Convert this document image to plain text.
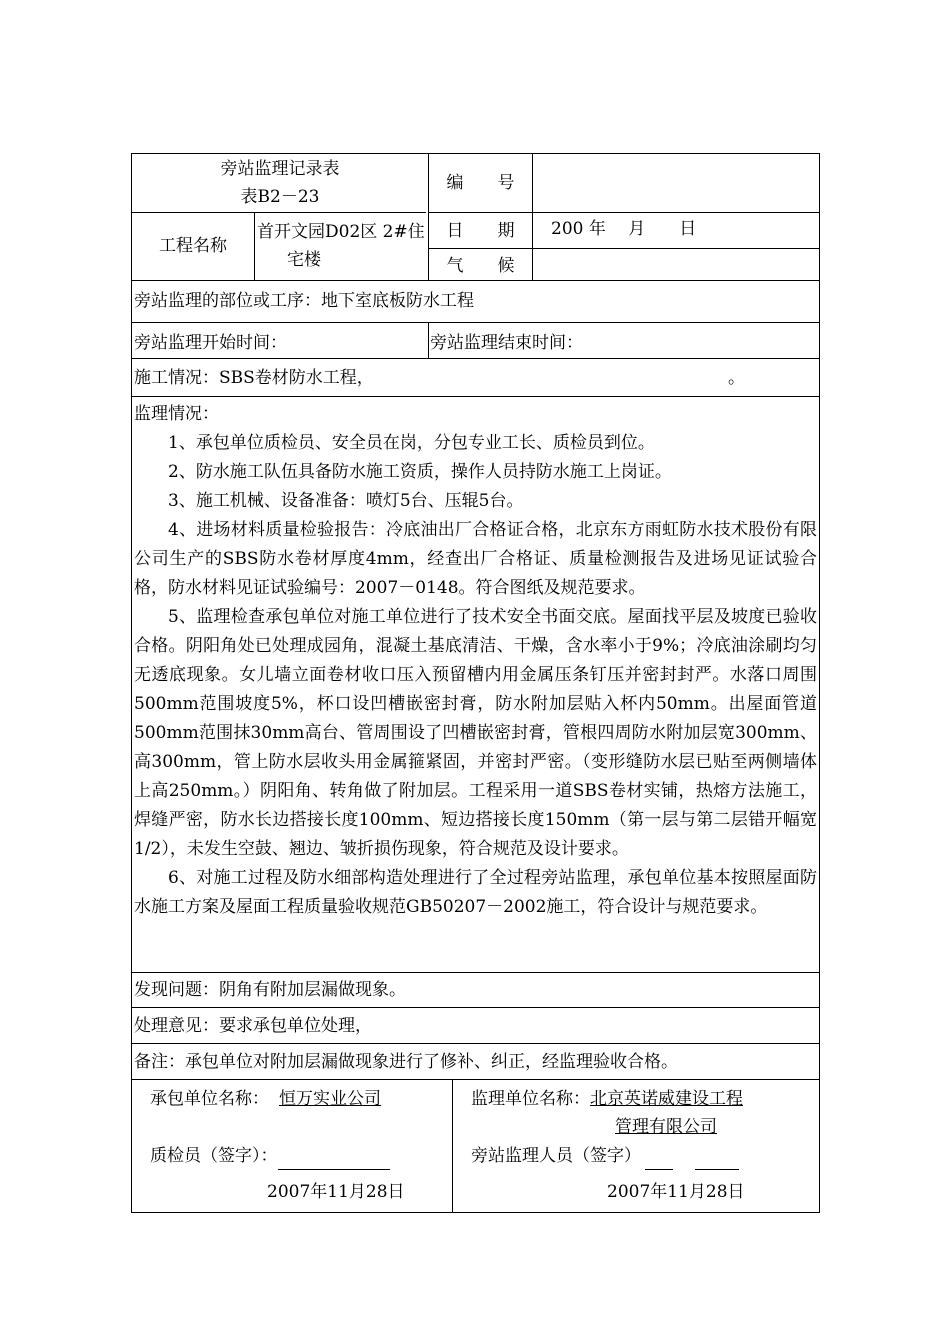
旁站监理记录表
表B2－23
工程名称
首开文园D02区 2#住
宅楼
编　　号
日　　期
气　　候
200 年　 月　　日
旁站监理的部位或工序：地下室底板防水工程
旁站监理开始时间：	旁站监理结束时间：
施工情况：SBS卷材防水工程，	。

监理情况：

1、承包单位质检员、安全员在岗，分包专业工长、质检员到位。

2、防水施工队伍具备防水施工资质，操作人员持防水施工上岗证。

3、施工机械、设备准备：喷灯5台、压辊5台。

4、进场材料质量检验报告：冷底油出厂合格证合格，北京东方雨虹防水技术股份有限公司生产的SBS防水卷材厚度4mm，经查出厂合格证、质量检测报告及进场见证试验合格，防水材料见证试验编号：2007－0148。符合图纸及规范要求。

5、监理检查承包单位对施工单位进行了技术安全书面交底。屋面找平层及坡度已验收合格。阴阳角处已处理成园角，混凝土基底清洁、干燥，含水率小于9%；冷底油涂刷均匀无透底现象。女儿墙立面卷材收口压入预留槽内用金属压条钉压并密封封严。水落口周围500mm范围坡度5%，杯口设凹槽嵌密封膏，防水附加层贴入杯内50mm。出屋面管道500mm范围抹30mm高台、管周围设了凹槽嵌密封膏，管根四周防水附加层宽300mm、高300mm，管上防水层收头用金属箍紧固，并密封严密。（变形缝防水层已贴至两侧墙体上高250mm。）阴阳角、转角做了附加层。工程采用一道SBS卷材实铺，热熔方法施工，焊缝严密，防水长边搭接长度100mm、短边搭接长度150mm（第一层与第二层错开幅宽1/2），未发生空鼓、翘边、皱折损伤现象，符合规范及设计要求。

6、对施工过程及防水细部构造处理进行了全过程旁站监理，承包单位基本按照屋面防水施工方案及屋面工程质量验收规范GB50207－2002施工，符合设计与规范要求。

发现问题：阴角有附加层漏做现象。
处理意见：要求承包单位处理，
备注：承包单位对附加层漏做现象进行了修补、纠正，经监理验收合格。
承包单位名称： 恒万实业公司
质检员（签字）：
2007年11月28日
监理单位名称：北京英诺威建设工程
管理有限公司
旁站监理人员（签字）
2007年11月28日
